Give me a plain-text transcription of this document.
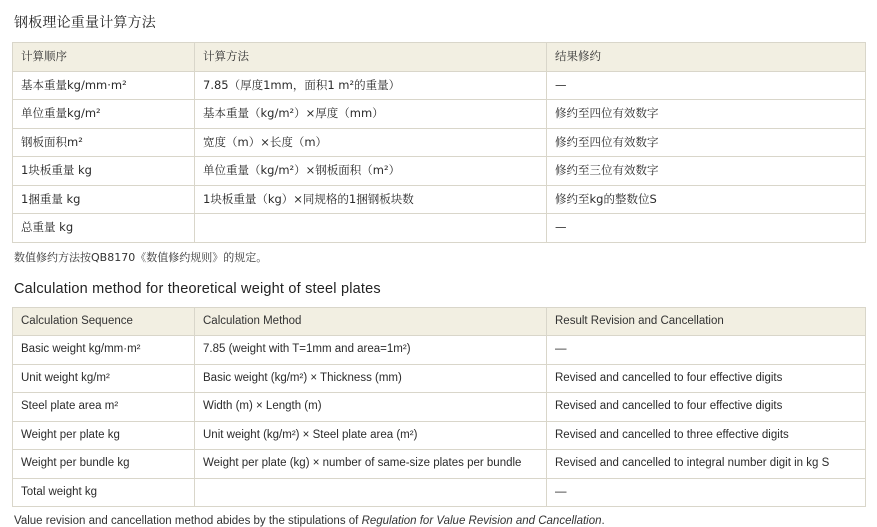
钢板理论重量计算方法
计算顺序	计算方法	结果修约
基本重量kg/mm·m²	7.85（厚度1mm，面积1 m²的重量）	—
单位重量kg/m²	基本重量（kg/m²）×厚度（mm）	修约至四位有效数字
钢板面积m²	宽度（m）×长度（m）	修约至四位有效数字
1块板重量 kg	单位重量（kg/m²）×钢板面积（m²）	修约至三位有效数字
1捆重量 kg	1块板重量（kg）×同规格的1捆钢板块数	修约至kg的整数位S
总重量 kg		—
数值修约方法按QB8170《数值修约规则》的规定。
Calculation method for theoretical weight of steel plates
Calculation Sequence	Calculation Method	Result Revision and Cancellation
Basic weight kg/mm·m²	7.85 (weight with T=1mm and area=1m²)	—
Unit weight kg/m²	Basic weight (kg/m²) × Thickness (mm)	Revised and cancelled to four effective digits
Steel plate area m²	Width (m) × Length (m)	Revised and cancelled to four effective digits
Weight per plate kg	Unit weight (kg/m²) × Steel plate area (m²)	Revised and cancelled to three effective digits
Weight per bundle kg	Weight per plate (kg) × number of same-size plates per bundle	Revised and cancelled to integral number digit in kg S
Total weight kg		—
Value revision and cancellation method abides by the stipulations of Regulation for Value Revision and Cancellation.
